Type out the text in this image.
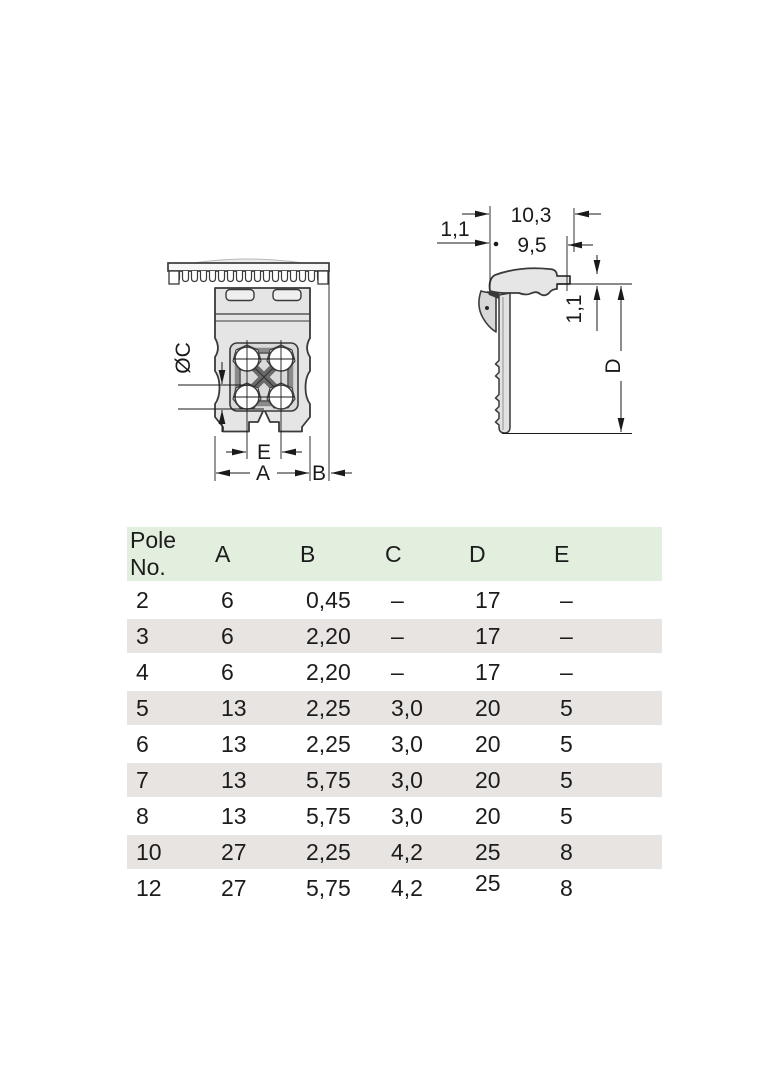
ØC
E
A B
10,3
1,1
9,5
1,1
D
Pole No.	A	B	C	D	E
2	6	0,45	–	17	–
3	6	2,20	–	17	–
4	6	2,20	–	17	–
5	13	2,25	3,0	20	5
6	13	2,25	3,0	20	5
7	13	5,75	3,0	20	5
8	13	5,75	3,0	20	5
10	27	2,25	4,2	25	8
12	27	5,75	4,2	25	8
